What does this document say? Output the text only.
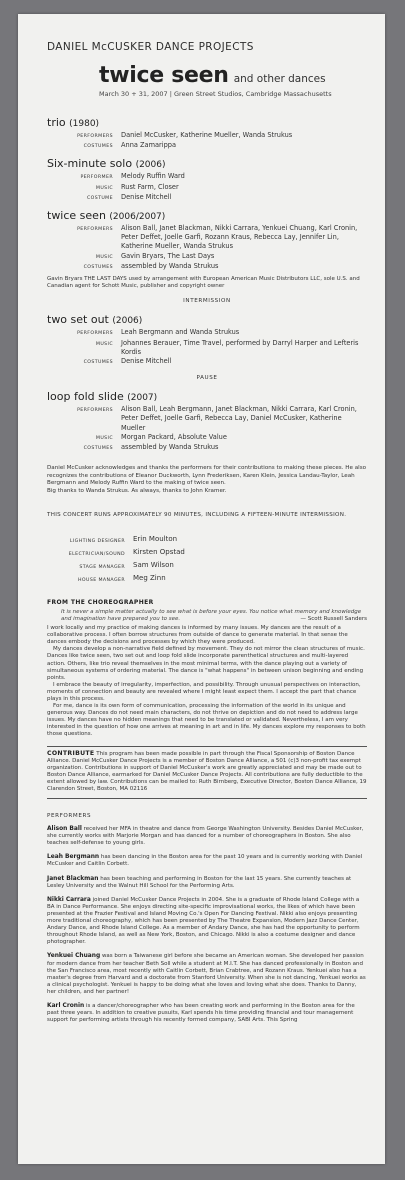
DANIEL McCUSKER DANCE PROJECTS
twice seen and other dances
March 30 + 31, 2007 | Green Street Studios, Cambridge Massachusetts
trio (1980)
PERFORMERS	Daniel McCusker, Katherine Mueller, Wanda Strukus
COSTUMES	Anna Zamarippa
Six-minute solo (2006)
PERFORMER	Melody Ruffin Ward
MUSIC	Rust Farm, Closer
COSTUME	Denise Mitchell
twice seen (2006/2007)
PERFORMERS	Alison Ball, Janet Blackman, Nikki Carrara, Yenkuei Chuang, Karl Cronin, Peter Deffet, Joelle Garfi, Rozann Kraus, Rebecca Lay, Jennifer Lin, Katherine Mueller, Wanda Strukus
MUSIC	Gavin Bryars, The Last Days
COSTUMES	assembled by Wanda Strukus
Gavin Bryars THE LAST DAYS used by arrangement with European American Music Distributors LLC, sole U.S. and Canadian agent for Schott Music, publisher and copyright owner
INTERMISSION
two set out (2006)
PERFORMERS	Leah Bergmann and Wanda Strukus
MUSIC	Johannes Berauer, Time Travel, performed by Darryl Harper and Lefteris Kordis
COSTUMES	Denise Mitchell
PAUSE
loop fold slide (2007)
PERFORMERS	Alison Ball, Leah Bergmann, Janet Blackman, Nikki Carrara, Karl Cronin, Peter Deffet, Joelle Garfi, Rebecca Lay, Daniel McCusker, Katherine Mueller
MUSIC	Morgan Packard, Absolute Value
COSTUMES	assembled by Wanda Strukus
Daniel McCusker acknowledges and thanks the performers for their contributions to making these pieces. He also recognizes the contributions of Eleanor Duckworth, Lynn Frederiksen, Karen Klein, Jessica Landau-Taylor, Leah Bergmann and Melody Ruffin Ward to the making of twice seen.
Big thanks to Wanda Strukus. As always, thanks to John Kramer.
THIS CONCERT RUNS APPROXIMATELY 90 MINUTES, INCLUDING A FIFTEEN-MINUTE INTERMISSION.
LIGHTING DESIGNER	Erin Moulton
ELECTRICIAN/SOUND	Kirsten Opstad
STAGE MANAGER	Sam Wilson
HOUSE MANAGER	Meg Zinn
FROM THE CHOREOGRAPHER
It is never a simple matter actually to see what is before your eyes. You notice what memory and knowledge and imagination have prepared you to see.	— Scott Russell Sanders

I work locally and my practice of making dances is informed by many issues. My dances are the result of a collaborative process. I often borrow structures from outside of dance to generate material. In that sense the dances embody the decisions and processes by which they were produced.

My dances develop a non-narrative field defined by movement. They do not mirror the clean structures of music. Dances like twice seen, two set out and loop fold slide incorporate parenthetical structures and multi-layered action. Others, like trio reveal themselves in the most minimal terms, with the dance playing out a variety of simultaneous systems of ordering material. The dance is "what happens" in between unison beginning and ending points.

I embrace the beauty of irregularity, imperfection, and possibility. Through unusual perspectives on interaction, moments of connection and beauty are revealed where I might least expect them. I accept the part that chance plays in this process.

For me, dance is its own form of communication, processing the information of the world in its unique and generous way. Dances do not need main characters, do not thrive on depiction and do not need to address large issues. My dances have no hidden meanings that need to be translated or validated. Nevertheless, I am very interested in the question of how one arrives at meaning in art and in life. My dances explore my responses to both those questions.

CONTRIBUTE This program has been made possible in part through the Fiscal Sponsorship of Boston Dance Alliance. Daniel McCusker Dance Projects is a member of Boston Dance Alliance, a 501 (c)3 non-profit tax exempt organization. Contributions in support of Daniel McCusker's work are greatly appreciated and may be made out to Boston Dance Alliance, earmarked for Daniel McCusker Dance Projects. All contributions are fully deductible to the extent allowed by law. Contributions can be mailed to: Ruth Birnberg, Executive Director, Boston Dance Alliance, 19 Clarendon Street, Boston, MA 02116
PERFORMERS
Alison Ball received her MFA in theatre and dance from George Washington University. Besides Daniel McCusker, she currently works with Marjorie Morgan and has danced for a number of choreographers in Boston. She also teaches self-defense to young girls.
Leah Bergmann has been dancing in the Boston area for the past 10 years and is currently working with Daniel McCusker and Caitlin Corbett.
Janet Blackman has been teaching and performing in Boston for the last 15 years. She currently teaches at Lesley University and the Walnut Hill School for the Performing Arts.
Nikki Carrara joined Daniel McCusker Dance Projects in 2004. She is a graduate of Rhode Island College with a BA in Dance Performance. She enjoys directing site-specific improvisational works, the likes of which have been presented at the Frazier Festival and Island Moving Co.'s Open For Dancing Festival. Nikki also enjoys presenting more traditional choreography, which has been presented by The Theatre Expansion, Modern Jazz Dance Center, Andary Dance, and Rhode Island College. As a member of Andary Dance, she has had the opportunity to perform throughout Rhode Island, as well as New York, Boston, and Chicago. Nikki is also a costume designer and dance photographer.
Yenkuei Chuang was born a Taiwanese girl before she became an American woman. She developed her passion for modern dance from her teacher Beth Soll while a student at M.I.T. She has danced professionally in Boston and the San Francisco area, most recently with Caitlin Corbett, Brian Crabtree, and Rozann Kraus. Yenkuei also has a master's degree from Harvard and a doctorate from Stanford University. When she is not dancing, Yenkuei works as a clinical psychologist. Yenkuei is happy to be doing what she loves and loving what she does. Thanks to Danny, her children, and her partner!
Karl Cronin is a dancer/choreographer who has been creating work and performing in the Boston area for the past three years. In addition to creative pusuits, Karl spends his time providing financial and tour management support for performing artists through his recently formed company, SABI Arts. This Spring
